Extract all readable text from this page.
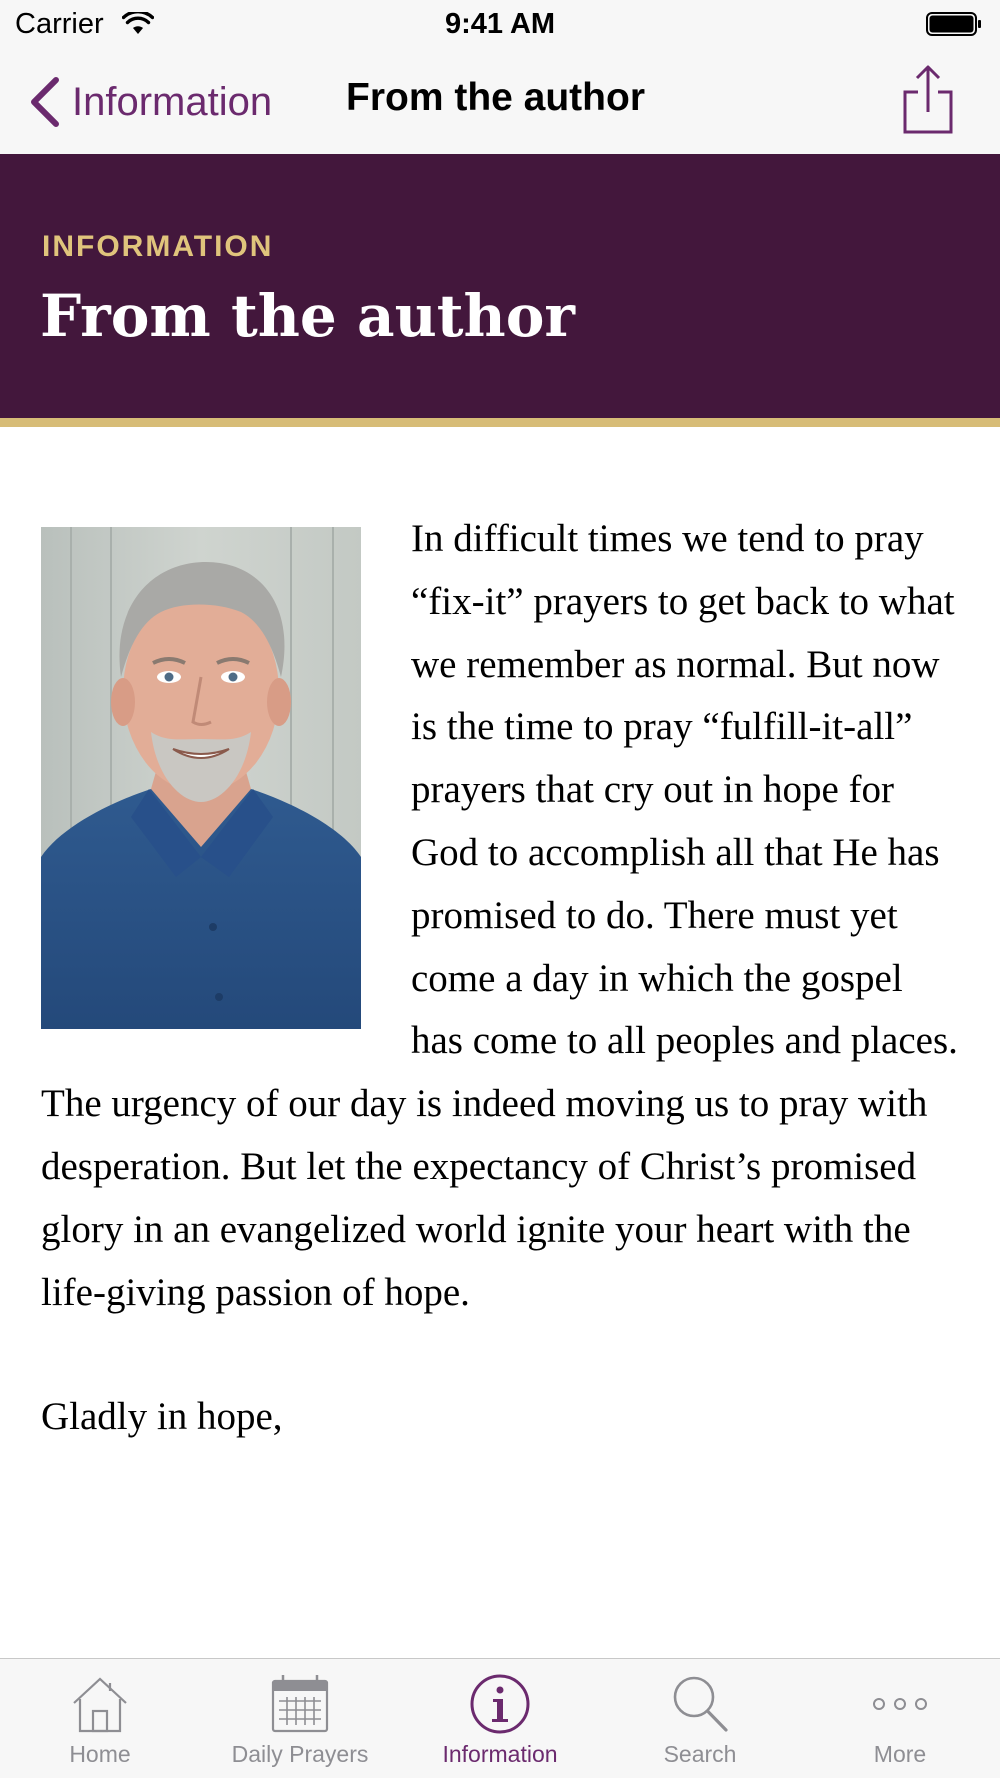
Carrier	9:41 AM
Information From the author
INFORMATION
From the author

In difficult times we tend to pray “fix-it” prayers to get back to what we remember as normal. But now is the time to pray “fulfill-it-all” prayers that cry out in hope for God to accomplish all that He has promised to do. There must yet come a day in which the gospel has come to all peoples and places. The urgency of our day is indeed moving us to pray with desperation. But let the expectancy of Christ’s promised glory in an evangelized world ignite your heart with the life-giving passion of hope.

Gladly in hope,

Home	Daily Prayers	Information	Search	More
